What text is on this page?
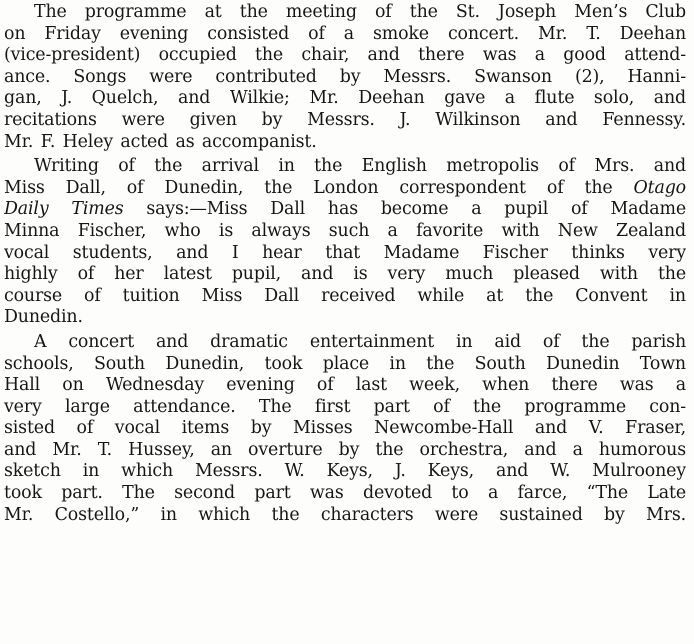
The programme at the meeting of the St. Joseph Men’s Club
on Friday evening consisted of a smoke concert. Mr. T. Deehan
(vice-president) occupied the chair, and there was a good attend-
ance. Songs were contributed by Messrs. Swanson (2), Hanni-
gan, J. Quelch, and Wilkie; Mr. Deehan gave a flute solo, and
recitations were given by Messrs. J. Wilkinson and Fennessy.
Mr. F. Heley acted as accompanist.
Writing of the arrival in the English metropolis of Mrs. and
Miss Dall, of Dunedin, the London correspondent of the Otago
Daily Times says:—Miss Dall has become a pupil of Madame
Minna Fischer, who is always such a favorite with New Zealand
vocal students, and I hear that Madame Fischer thinks very
highly of her latest pupil, and is very much pleased with the
course of tuition Miss Dall received while at the Convent in
Dunedin.
A concert and dramatic entertainment in aid of the parish
schools, South Dunedin, took place in the South Dunedin Town
Hall on Wednesday evening of last week, when there was a
very large attendance. The first part of the programme con-
sisted of vocal items by Misses Newcombe-Hall and V. Fraser,
and Mr. T. Hussey, an overture by the orchestra, and a humorous
sketch in which Messrs. W. Keys, J. Keys, and W. Mulrooney
took part. The second part was devoted to a farce, “The Late
Mr. Costello,” in which the characters were sustained by Mrs.
